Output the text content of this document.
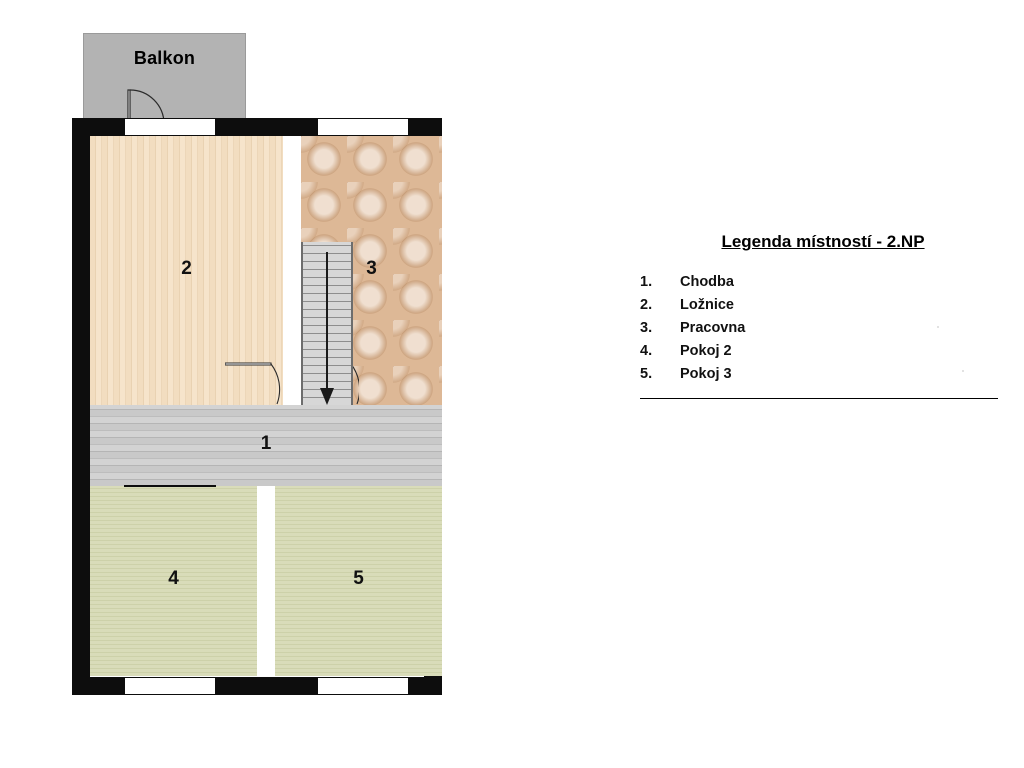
Balkon
2	3
1
4	5
Legenda místností - 2.NP
1.	Chodba
2.	Ložnice
3.	Pracovna
4.	Pokoj 2
5.	Pokoj 3
